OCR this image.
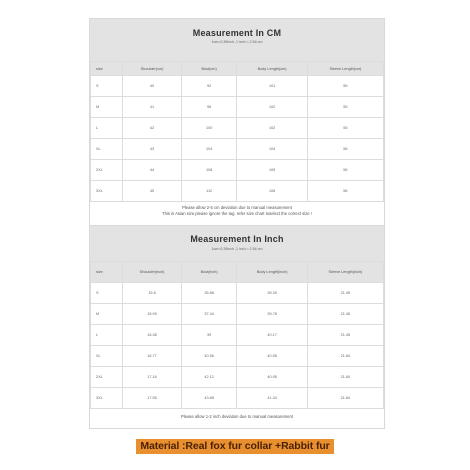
Measurement In CM
1cm=0.39inch ,1 inch = 2.54 cm
size	Shoulder(cm)	Bust(cm)	Body Length(cm)	Sleeve Length(cm)
S	40	92	101	55
M	41	96	102	55
L	42	100	102	55
XL	43	104	104	56
2XL	44	108	105	56
3XL	45	112	106	56
Please allow 2-5 cm deviation due to manual measurement
This is Asian size.please ignore the tag. refer size chart toselect the correct size !
Measurement In Inch
1cm=0.39inch ,1 inch = 2.54 cm
size	Shoulder(inch)	Bust(inch)	Body Length(inch)	Sleeve Length(inch)
S	15.6	35.88	39.39	21.45
M	15.99	37.44	39.78	21.45
L	16.38	39	40.17	21.45
XL	16.77	40.56	40.56	21.84
2XL	17.16	42.12	40.95	21.84
3XL	17.55	43.68	41.34	21.84
Please allow 1-2 inch deviation due to manual measurement
Material :Real fox fur collar +Rabbit fur
